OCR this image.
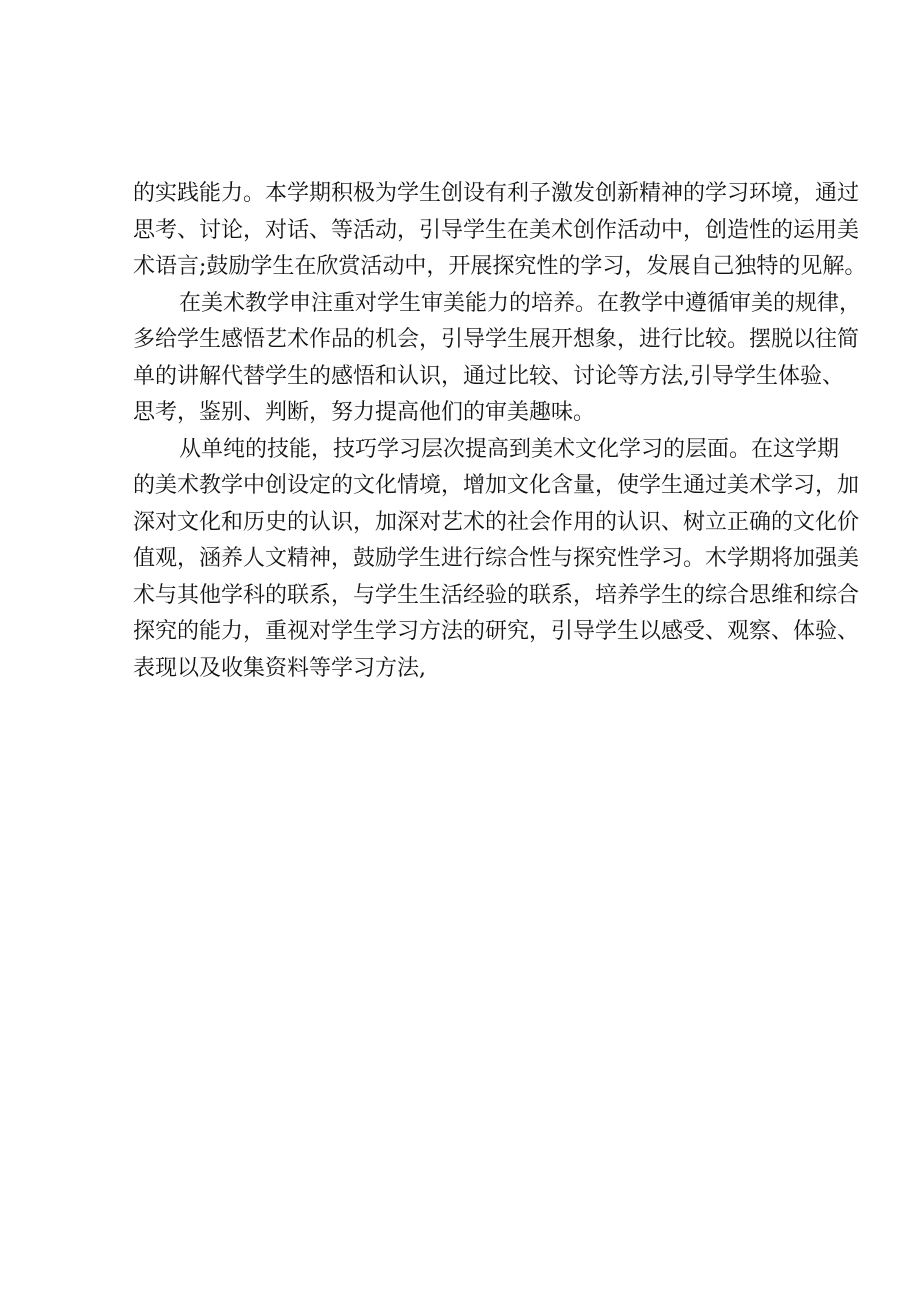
的实践能力。本学期积极为学生创设有利子激发创新精神的学习环境，通过
思考、讨论，对话、等活动，引导学生在美术创作活动中，创造性的运用美
术语言;鼓励学生在欣赏活动中，开展探究性的学习，发展自己独特的见解。
在美术教学申注重对学生审美能力的培养。在教学中遵循审美的规律，
多给学生感悟艺术作品的机会，引导学生展开想象，进行比较。摆脱以往简
单的讲解代替学生的感悟和认识，通过比较、讨论等方法,引导学生体验、
思考，鉴别、判断，努力提高他们的审美趣味。
从单纯的技能，技巧学习层次提高到美术文化学习的层面。在这学期
的美术教学中创设定的文化情境，增加文化含量，使学生通过美术学习，加
深对文化和历史的认识，加深对艺术的社会作用的认识、树立正确的文化价
值观，涵养人文精神，鼓励学生进行综合性与探究性学习。木学期将加强美
术与其他学科的联系，与学生生活经验的联系，培养学生的综合思维和综合
探究的能力，重视对学生学习方法的研究，引导学生以感受、观察、体验、
表现以及收集资料等学习方法,
